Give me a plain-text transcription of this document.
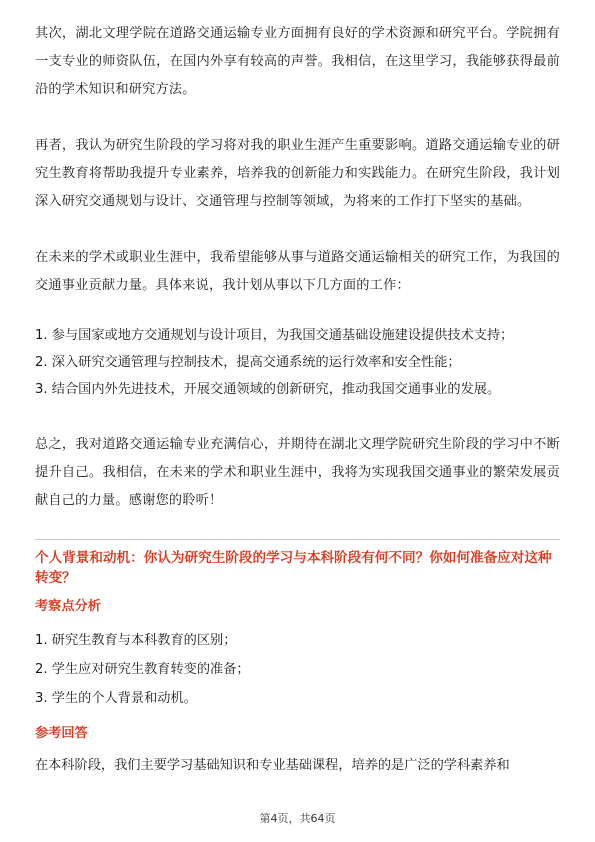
其次，湖北文理学院在道路交通运输专业方面拥有良好的学术资源和研究平台。学院拥有一支专业的师资队伍，在国内外享有较高的声誉。我相信，在这里学习，我能够获得最前沿的学术知识和研究方法。

再者，我认为研究生阶段的学习将对我的职业生涯产生重要影响。道路交通运输专业的研究生教育将帮助我提升专业素养，培养我的创新能力和实践能力。在研究生阶段，我计划深入研究交通规划与设计、交通管理与控制等领域，为将来的工作打下坚实的基础。

在未来的学术或职业生涯中，我希望能够从事与道路交通运输相关的研究工作，为我国的交通事业贡献力量。具体来说，我计划从事以下几方面的工作：

1. 参与国家或地方交通规划与设计项目，为我国交通基础设施建设提供技术支持；

2. 深入研究交通管理与控制技术，提高交通系统的运行效率和安全性能；

3. 结合国内外先进技术，开展交通领域的创新研究，推动我国交通事业的发展。

总之，我对道路交通运输专业充满信心，并期待在湖北文理学院研究生阶段的学习中不断提升自己。我相信，在未来的学术和职业生涯中，我将为实现我国交通事业的繁荣发展贡献自己的力量。感谢您的聆听！

个人背景和动机：你认为研究生阶段的学习与本科阶段有何不同？你如何准备应对这种转变？

考察点分析

1. 研究生教育与本科教育的区别；

2. 学生应对研究生教育转变的准备；

3. 学生的个人背景和动机。

参考回答

在本科阶段，我们主要学习基础知识和专业基础课程，培养的是广泛的学科素养和

第4页，共64页
